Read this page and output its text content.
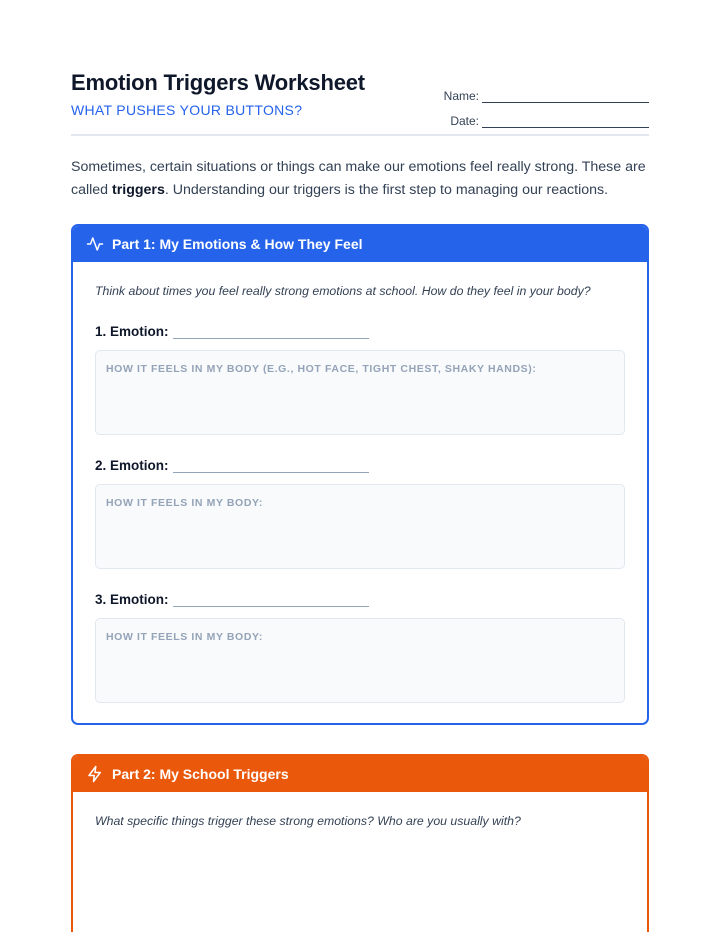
Emotion Triggers Worksheet
WHAT PUSHES YOUR BUTTONS?
Name:
Date:

Sometimes, certain situations or things can make our emotions feel really strong. These are called triggers. Understanding our triggers is the first step to managing our reactions.

Part 1: My Emotions & How They Feel
Think about times you feel really strong emotions at school. How do they feel in your body?
1. Emotion:
HOW IT FEELS IN MY BODY (E.G., HOT FACE, TIGHT CHEST, SHAKY HANDS):
2. Emotion:
HOW IT FEELS IN MY BODY:
3. Emotion:
HOW IT FEELS IN MY BODY:
Part 2: My School Triggers
What specific things trigger these strong emotions? Who are you usually with?
